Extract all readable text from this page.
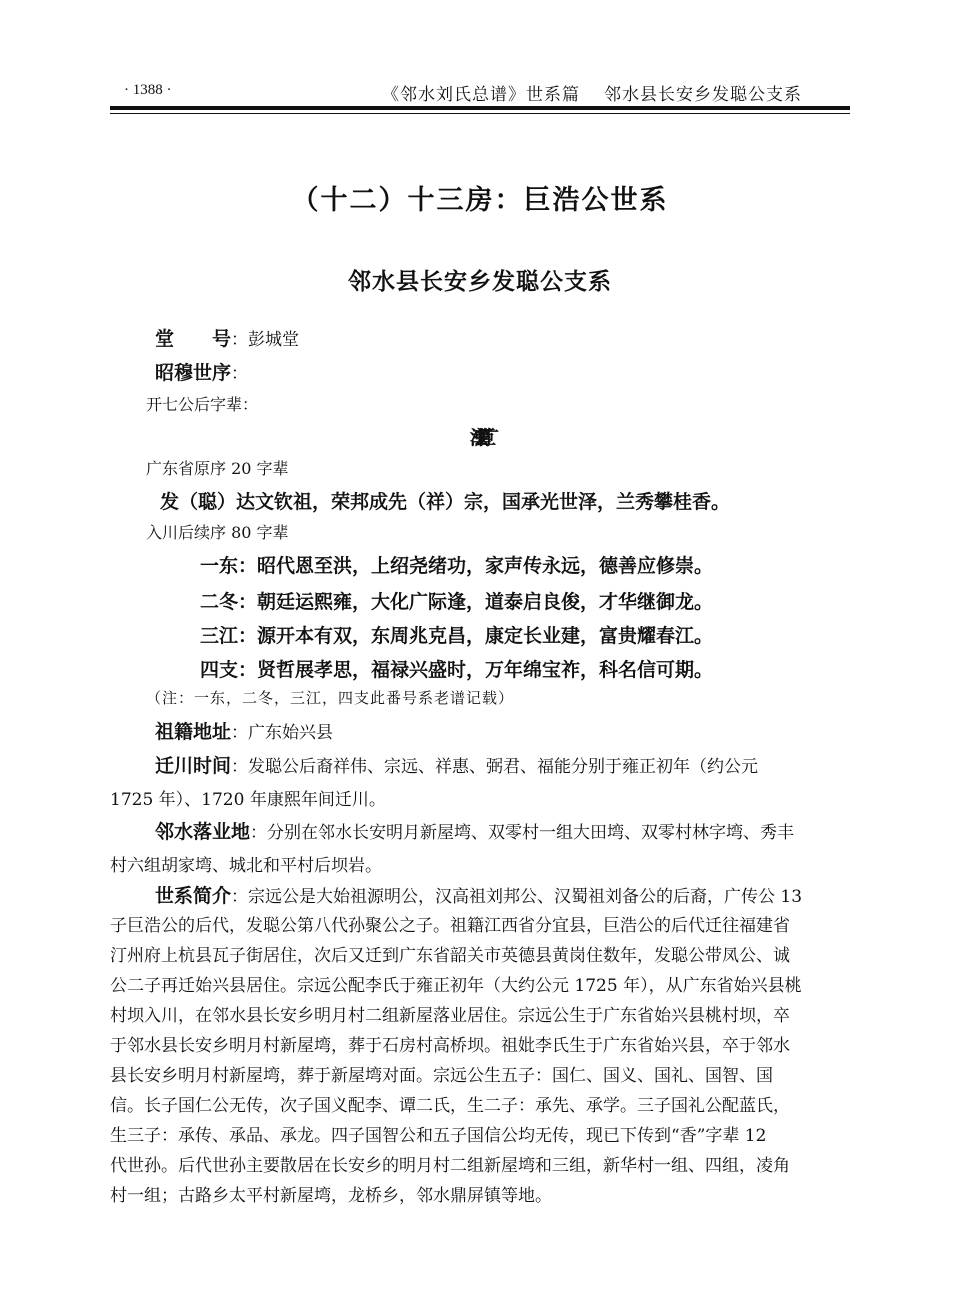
· 1388 ·	《邻水刘氏总谱》世系篇 邻水县长安乡发聪公支系
（十二）十三房：巨浩公世系
邻水县长安乡发聪公支系
堂　　号：彭城堂
昭穆世序：
开七公后字辈：
广东省原序 20 字辈
发（聪）达文钦祖，荣邦成先（祥）宗，国承光世泽，兰秀攀桂香。
入川后续序 80 字辈
一东：昭代恩至洪，上绍尧绪功，家声传永远，德善应修崇。
二冬：朝廷运熙雍，大化广际逢，道泰启良俊，才华继御龙。
三江：源开本有双，东周兆克昌，康定长业建，富贵耀春江。
四支：贤哲展孝思，福禄兴盛时，万年绵宝祚，科名信可期。
（注：一东，二冬，三江，四支此番号系老谱记载）
祖籍地址：广东始兴县
迁川时间：发聪公后裔祥伟、宗远、祥惠、弼君、福能分别于雍正初年（约公元
1725 年）、1720 年康熙年间迁川。
邻水落业地：分别在邻水长安明月新屋塆、双零村一组大田塆、双零村林字塆、秀丰
村六组胡家塆、城北和平村后坝岩。
世系简介：宗远公是大始祖源明公，汉高祖刘邦公、汉蜀祖刘备公的后裔，广传公 13
子巨浩公的后代，发聪公第八代孙聚公之子。祖籍江西省分宜县，巨浩公的后代迁往福建省
汀州府上杭县瓦子街居住，次后又迁到广东省韶关市英德县黄岗住数年，发聪公带凤公、诚
公二子再迁始兴县居住。宗远公配李氏于雍正初年（大约公元 1725 年），从广东省始兴县桃
村坝入川，在邻水县长安乡明月村二组新屋落业居住。宗远公生于广东省始兴县桃村坝，卒
于邻水县长安乡明月村新屋塆，葬于石房村高桥坝。祖妣李氏生于广东省始兴县，卒于邻水
县长安乡明月村新屋塆，葬于新屋塆对面。宗远公生五子：国仁、国义、国礼、国智、国
信。长子国仁公无传，次子国义配李、谭二氏，生二子：承先、承学。三子国礼公配蓝氏，
生三子：承传、承品、承龙。四子国智公和五子国信公均无传，现已下传到“香”字辈 12
代世孙。后代世孙主要散居在长安乡的明月村二组新屋塆和三组，新华村一组、四组，凌角
村一组；古路乡太平村新屋塆，龙桥乡，邻水鼎屏镇等地。
